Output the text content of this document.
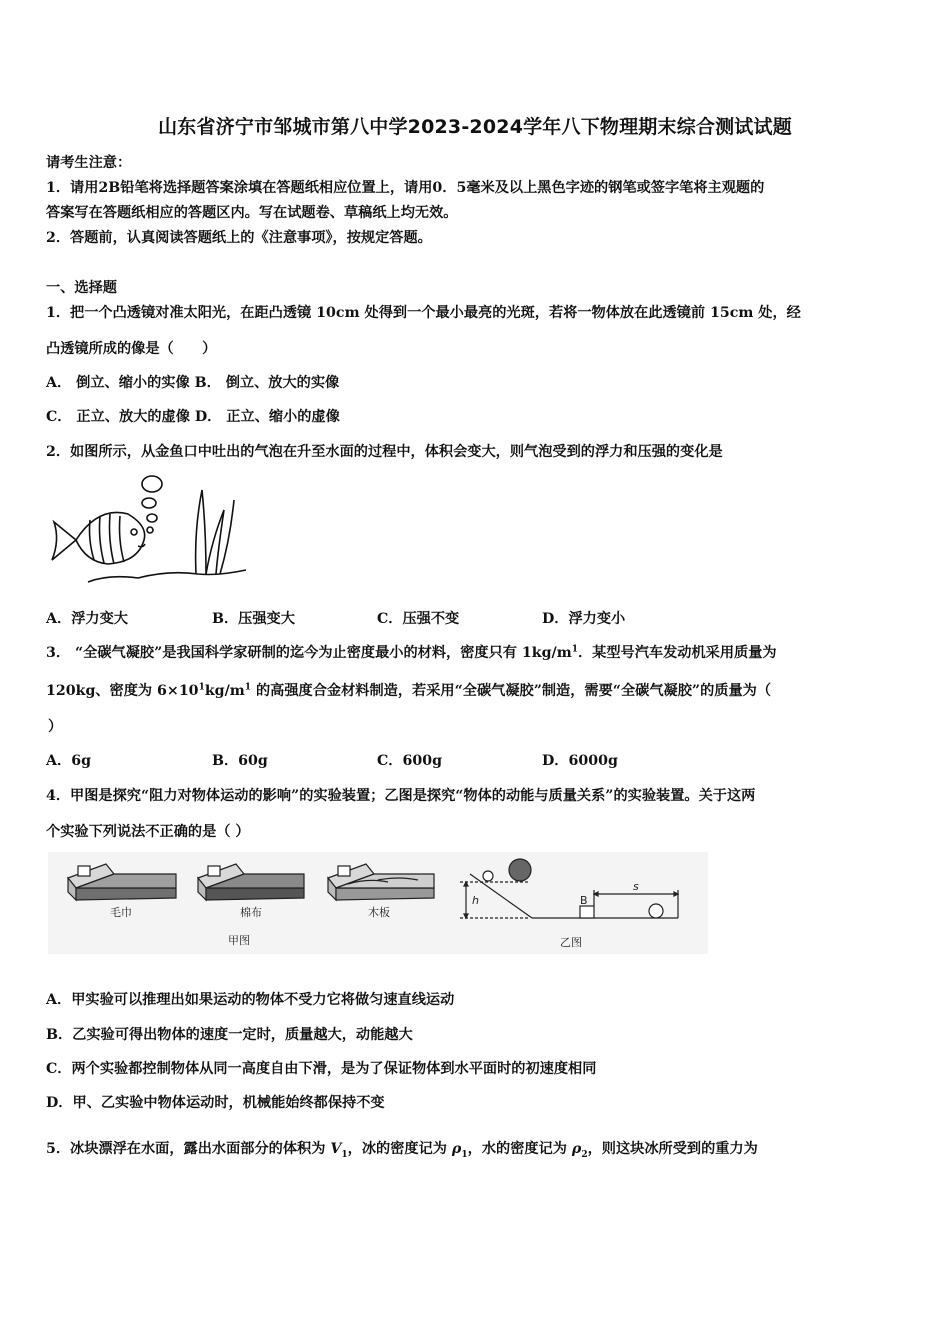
山东省济宁市邹城市第八中学2023-2024学年八下物理期末综合测试试题
请考生注意：
1．请用2B铅笔将选择题答案涂填在答题纸相应位置上，请用0．5毫米及以上黑色字迹的钢笔或签字笔将主观题的
答案写在答题纸相应的答题区内。写在试题卷、草稿纸上均无效。
2．答题前，认真阅读答题纸上的《注意事项》，按规定答题。
一、选择题
1．把一个凸透镜对准太阳光，在距凸透镜 10cm 处得到一个最小最亮的光斑，若将一物体放在此透镜前 15cm 处，经
凸透镜所成的像是（　　）
A． 倒立、缩小的实像 B． 倒立、放大的实像
C． 正立、放大的虚像 D． 正立、缩小的虚像
2．如图所示，从金鱼口中吐出的气泡在升至水面的过程中，体积会变大，则气泡受到的浮力和压强的变化是
A．浮力变大	B．压强变大	C．压强不变	D．浮力变小
3． “全碳气凝胶”是我国科学家研制的迄今为止密度最小的材料，密度只有 $1kg/m^1$．某型号汽车发动机采用质量为
120kg、密度为 $6\times 10^1kg/m^1$ 的高强度合金材料制造，若采用“全碳气凝胶”制造，需要“全碳气凝胶”的质量为（
）
A．6g	B．60g	C．600g	D．6000g
4．甲图是探究“阻力对物体运动的影响”的实验装置；乙图是探究“物体的动能与质量关系”的实验装置。关于这两
个实验下列说法不正确的是（ ）
毛巾	棉布	木板
甲图
h
s
B
乙图
A．甲实验可以推理出如果运动的物体不受力它将做匀速直线运动
B．乙实验可得出物体的速度一定时，质量越大，动能越大
C．两个实验都控制物体从同一高度自由下滑，是为了保证物体到水平面时的初速度相同
D．甲、乙实验中物体运动时，机械能始终都保持不变
5．冰块漂浮在水面，露出水面部分的体积为 $V_1$，冰的密度记为 $\rho_1$，水的密度记为 $\rho_2$，则这块冰所受到的重力为
